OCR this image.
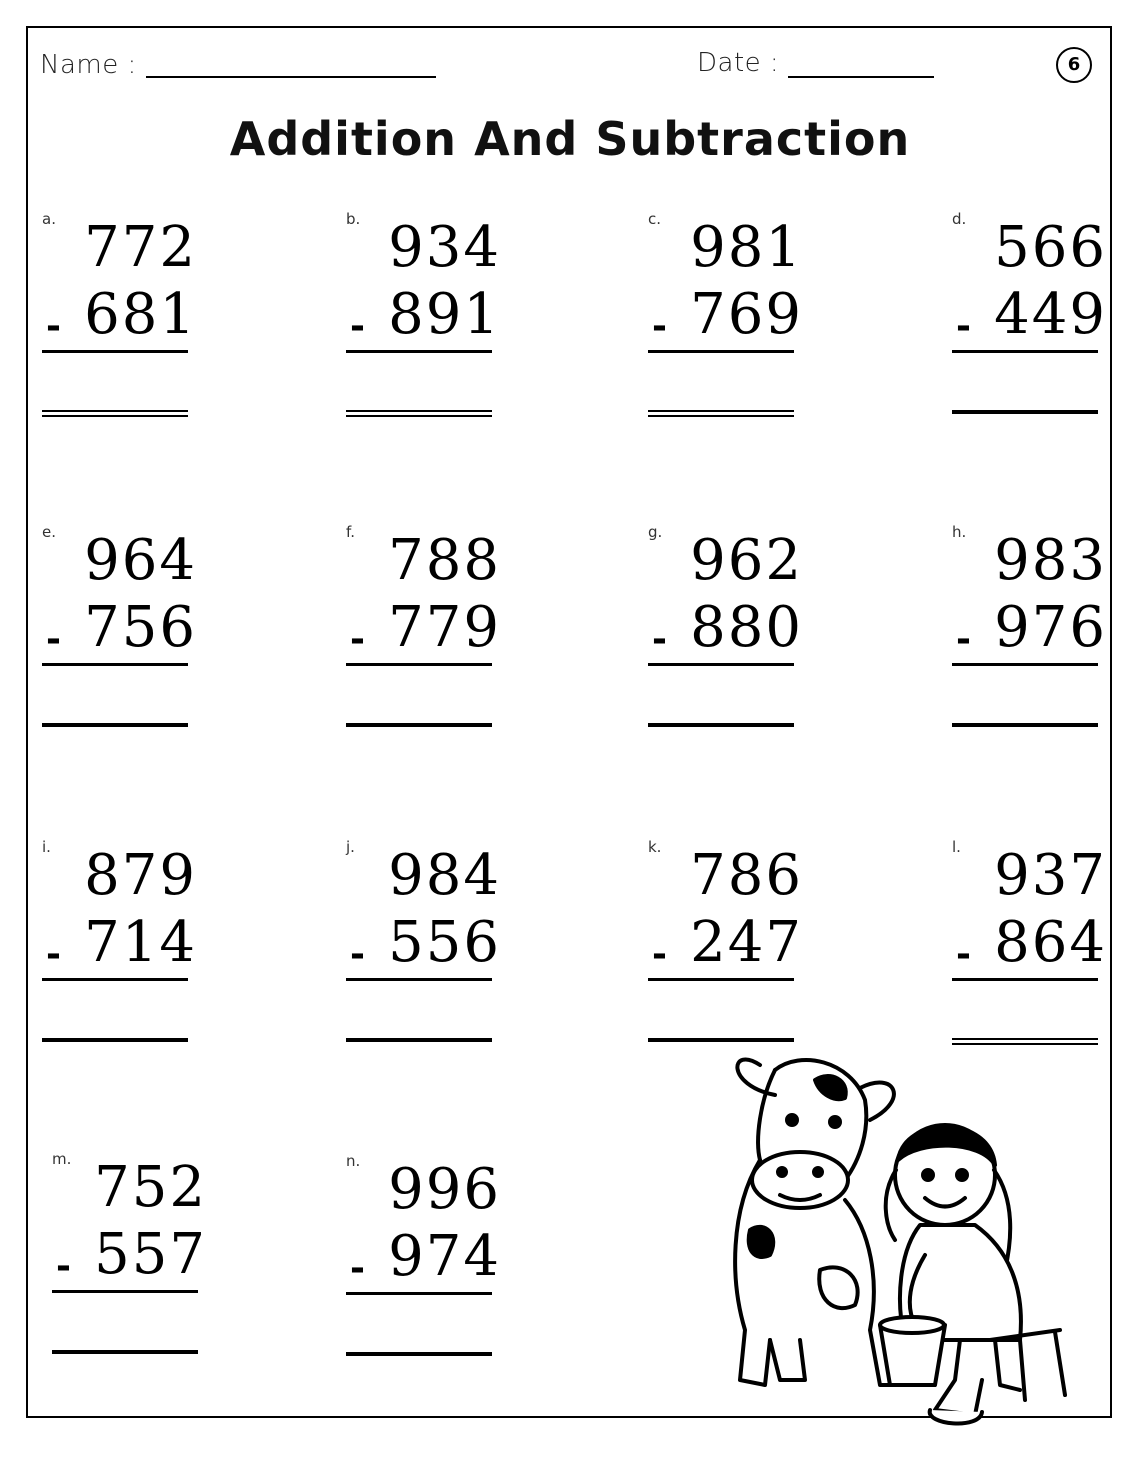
Name :	Date :	6
Addition And Subtraction
a. 772
- 681
b. 934
- 891
c. 981
- 769
d. 566
- 449
e. 964
- 756
f. 788
- 779
g. 962
- 880
h. 983
- 976
i. 879
- 714
j. 984
- 556
k. 786
- 247
l. 937
- 864
m. 752
- 557
n. 996
- 974
